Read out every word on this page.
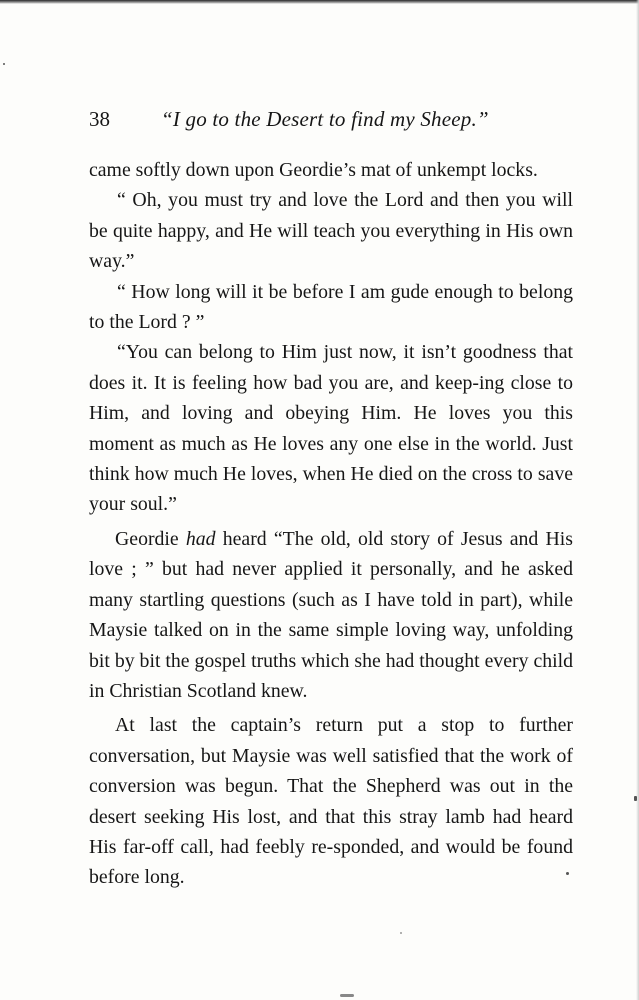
38 “I go to the Desert to find my Sheep.”

came softly down upon Geordie’s mat of unkempt locks.

“ Oh, you must try and love the Lord and then you will be quite happy, and He will teach you everything in His own way.”

“ How long will it be before I am gude enough to belong to the Lord ? ”

“You can belong to Him just now, it isn’t goodness that does it. It is feeling how bad you are, and keep-ing close to Him, and loving and obeying Him. He loves you this moment as much as He loves any one else in the world. Just think how much He loves, when He died on the cross to save your soul.”

Geordie had heard “The old, old story of Jesus and His love ; ” but had never applied it personally, and he asked many startling questions (such as I have told in part), while Maysie talked on in the same simple loving way, unfolding bit by bit the gospel truths which she had thought every child in Christian Scotland knew.

At last the captain’s return put a stop to further conversation, but Maysie was well satisfied that the work of conversion was begun. That the Shepherd was out in the desert seeking His lost, and that this stray lamb had heard His far-off call, had feebly re-sponded, and would be found before long.
